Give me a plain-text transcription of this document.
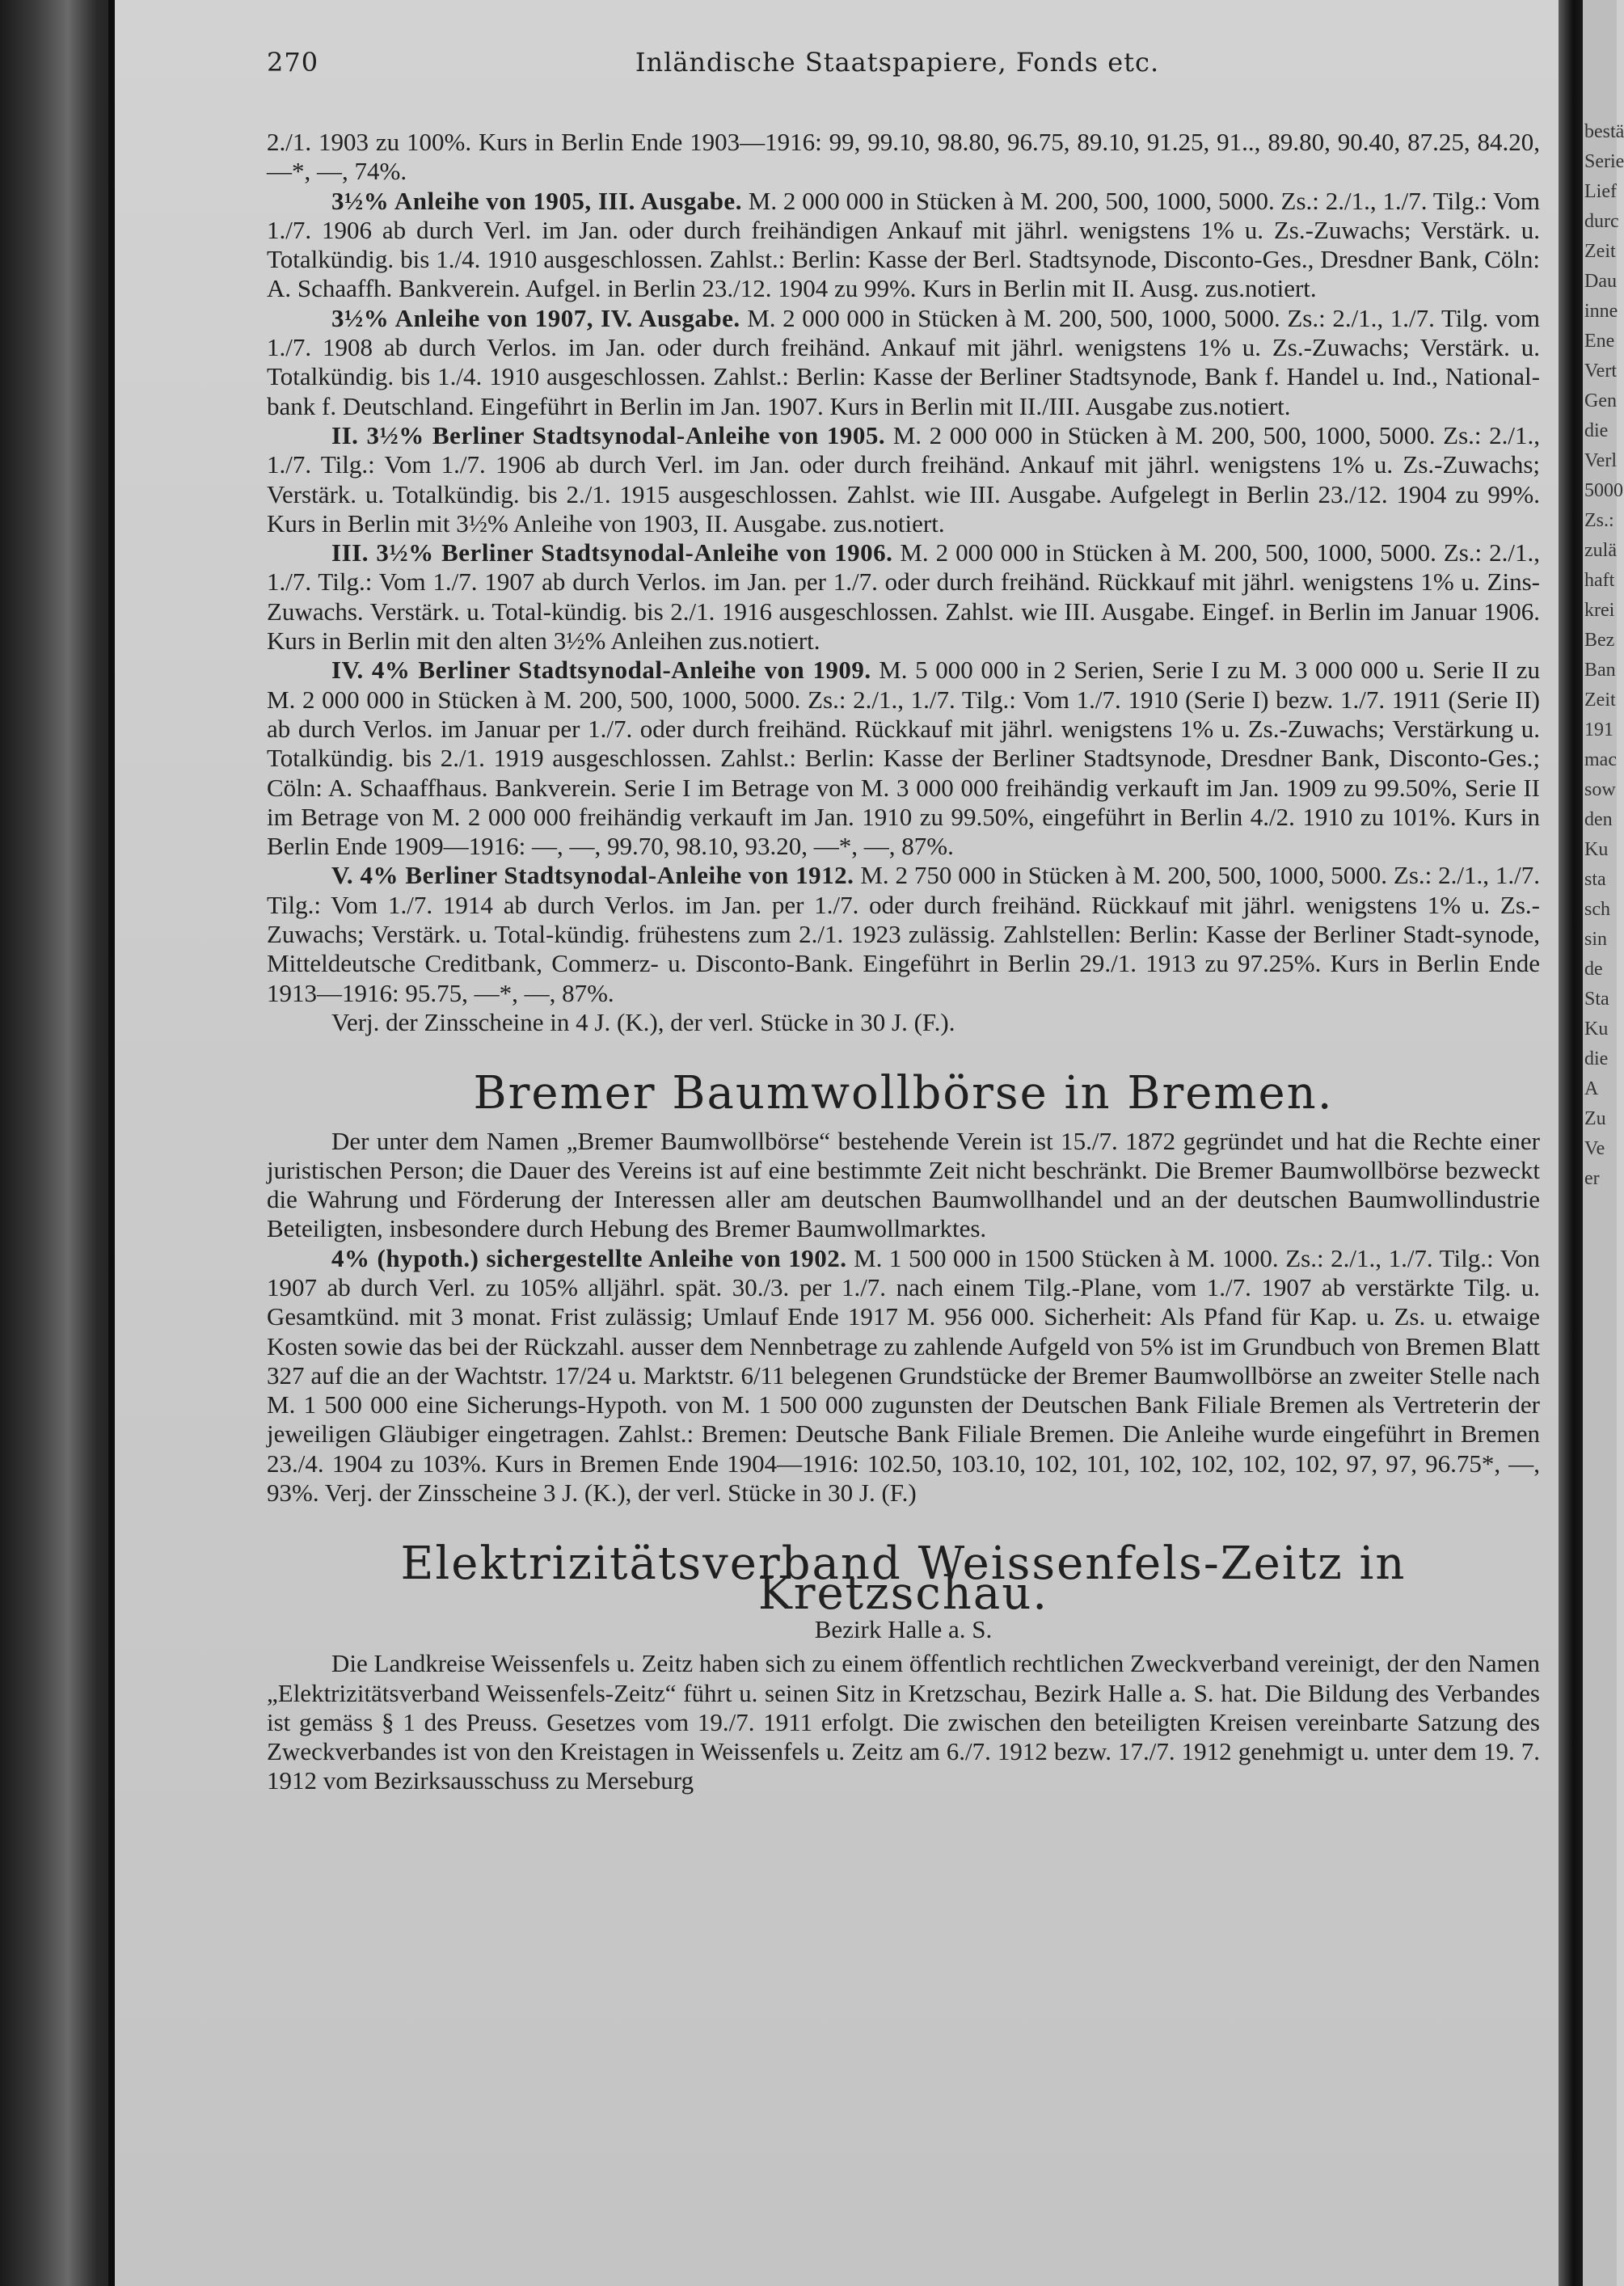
bestä
Serie
Lief
durc
Zeit
Dau
inne
Ene
Vert
Gen
die
Verl
5000
Zs.:
zulä
haft
krei
Bez
Ban
Zeit
191
mac
sow
den
Ku
sta
sch
sin
de
Sta
Ku
die
A
Zu
Ve
er
270	Inländische Staatspapiere, Fonds etc.

2./1. 1903 zu 100%. Kurs in Berlin Ende 1903—1916: 99, 99.10, 98.80, 96.75, 89.10, 91.25, 91.., 89.80, 90.40, 87.25, 84.20, —*, —, 74%.

3½% Anleihe von 1905, III. Ausgabe. M. 2 000 000 in Stücken à M. 200, 500, 1000, 5000. Zs.: 2./1., 1./7. Tilg.: Vom 1./7. 1906 ab durch Verl. im Jan. oder durch freihändigen Ankauf mit jährl. wenigstens 1% u. Zs.-Zuwachs; Verstärk. u. Totalkündig. bis 1./4. 1910 ausgeschlossen. Zahlst.: Berlin: Kasse der Berl. Stadtsynode, Disconto-Ges., Dresdner Bank, Cöln: A. Schaaffh. Bankverein. Aufgel. in Berlin 23./12. 1904 zu 99%. Kurs in Berlin mit II. Ausg. zus.notiert.

3½% Anleihe von 1907, IV. Ausgabe. M. 2 000 000 in Stücken à M. 200, 500, 1000, 5000. Zs.: 2./1., 1./7. Tilg. vom 1./7. 1908 ab durch Verlos. im Jan. oder durch freihänd. Ankauf mit jährl. wenigstens 1% u. Zs.-Zuwachs; Verstärk. u. Totalkündig. bis 1./4. 1910 ausgeschlossen. Zahlst.: Berlin: Kasse der Berliner Stadtsynode, Bank f. Handel u. Ind., National-bank f. Deutschland. Eingeführt in Berlin im Jan. 1907. Kurs in Berlin mit II./III. Ausgabe zus.notiert.

II. 3½% Berliner Stadtsynodal-Anleihe von 1905. M. 2 000 000 in Stücken à M. 200, 500, 1000, 5000. Zs.: 2./1., 1./7. Tilg.: Vom 1./7. 1906 ab durch Verl. im Jan. oder durch freihänd. Ankauf mit jährl. wenigstens 1% u. Zs.-Zuwachs; Verstärk. u. Totalkündig. bis 2./1. 1915 ausgeschlossen. Zahlst. wie III. Ausgabe. Aufgelegt in Berlin 23./12. 1904 zu 99%. Kurs in Berlin mit 3½% Anleihe von 1903, II. Ausgabe. zus.notiert.

III. 3½% Berliner Stadtsynodal-Anleihe von 1906. M. 2 000 000 in Stücken à M. 200, 500, 1000, 5000. Zs.: 2./1., 1./7. Tilg.: Vom 1./7. 1907 ab durch Verlos. im Jan. per 1./7. oder durch freihänd. Rückkauf mit jährl. wenigstens 1% u. Zins-Zuwachs. Verstärk. u. Total-kündig. bis 2./1. 1916 ausgeschlossen. Zahlst. wie III. Ausgabe. Eingef. in Berlin im Januar 1906. Kurs in Berlin mit den alten 3½% Anleihen zus.notiert.

IV. 4% Berliner Stadtsynodal-Anleihe von 1909. M. 5 000 000 in 2 Serien, Serie I zu M. 3 000 000 u. Serie II zu M. 2 000 000 in Stücken à M. 200, 500, 1000, 5000. Zs.: 2./1., 1./7. Tilg.: Vom 1./7. 1910 (Serie I) bezw. 1./7. 1911 (Serie II) ab durch Verlos. im Januar per 1./7. oder durch freihänd. Rückkauf mit jährl. wenigstens 1% u. Zs.-Zuwachs; Verstärkung u. Totalkündig. bis 2./1. 1919 ausgeschlossen. Zahlst.: Berlin: Kasse der Berliner Stadtsynode, Dresdner Bank, Disconto-Ges.; Cöln: A. Schaaffhaus. Bankverein. Serie I im Betrage von M. 3 000 000 freihändig verkauft im Jan. 1909 zu 99.50%, Serie II im Betrage von M. 2 000 000 freihändig verkauft im Jan. 1910 zu 99.50%, eingeführt in Berlin 4./2. 1910 zu 101%. Kurs in Berlin Ende 1909—1916: —, —, 99.70, 98.10, 93.20, —*, —, 87%.

V. 4% Berliner Stadtsynodal-Anleihe von 1912. M. 2 750 000 in Stücken à M. 200, 500, 1000, 5000. Zs.: 2./1., 1./7. Tilg.: Vom 1./7. 1914 ab durch Verlos. im Jan. per 1./7. oder durch freihänd. Rückkauf mit jährl. wenigstens 1% u. Zs.-Zuwachs; Verstärk. u. Total-kündig. frühestens zum 2./1. 1923 zulässig. Zahlstellen: Berlin: Kasse der Berliner Stadt-synode, Mitteldeutsche Creditbank, Commerz- u. Disconto-Bank. Eingeführt in Berlin 29./1. 1913 zu 97.25%. Kurs in Berlin Ende 1913—1916: 95.75, —*, —, 87%.

Verj. der Zinsscheine in 4 J. (K.), der verl. Stücke in 30 J. (F.).

Bremer Baumwollbörse in Bremen.

Der unter dem Namen „Bremer Baumwollbörse“ bestehende Verein ist 15./7. 1872 gegründet und hat die Rechte einer juristischen Person; die Dauer des Vereins ist auf eine bestimmte Zeit nicht beschränkt. Die Bremer Baumwollbörse bezweckt die Wahrung und Förderung der Interessen aller am deutschen Baumwollhandel und an der deutschen Baumwollindustrie Beteiligten, insbesondere durch Hebung des Bremer Baumwollmarktes.

4% (hypoth.) sichergestellte Anleihe von 1902. M. 1 500 000 in 1500 Stücken à M. 1000. Zs.: 2./1., 1./7. Tilg.: Von 1907 ab durch Verl. zu 105% alljährl. spät. 30./3. per 1./7. nach einem Tilg.-Plane, vom 1./7. 1907 ab verstärkte Tilg. u. Gesamtkünd. mit 3 monat. Frist zulässig; Umlauf Ende 1917 M. 956 000. Sicherheit: Als Pfand für Kap. u. Zs. u. etwaige Kosten sowie das bei der Rückzahl. ausser dem Nennbetrage zu zahlende Aufgeld von 5% ist im Grundbuch von Bremen Blatt 327 auf die an der Wachtstr. 17/24 u. Marktstr. 6/11 belegenen Grundstücke der Bremer Baumwollbörse an zweiter Stelle nach M. 1 500 000 eine Sicherungs-Hypoth. von M. 1 500 000 zugunsten der Deutschen Bank Filiale Bremen als Vertreterin der jeweiligen Gläubiger eingetragen. Zahlst.: Bremen: Deutsche Bank Filiale Bremen. Die Anleihe wurde eingeführt in Bremen 23./4. 1904 zu 103%. Kurs in Bremen Ende 1904—1916: 102.50, 103.10, 102, 101, 102, 102, 102, 102, 97, 97, 96.75*, —, 93%. Verj. der Zinsscheine 3 J. (K.), der verl. Stücke in 30 J. (F.)

Elektrizitätsverband Weissenfels-Zeitz in Kretzschau.
Bezirk Halle a. S.

Die Landkreise Weissenfels u. Zeitz haben sich zu einem öffentlich rechtlichen Zweckverband vereinigt, der den Namen „Elektrizitätsverband Weissenfels-Zeitz“ führt u. seinen Sitz in Kretzschau, Bezirk Halle a. S. hat. Die Bildung des Verbandes ist gemäss § 1 des Preuss. Gesetzes vom 19./7. 1911 erfolgt. Die zwischen den beteiligten Kreisen vereinbarte Satzung des Zweckverbandes ist von den Kreistagen in Weissenfels u. Zeitz am 6./7. 1912 bezw. 17./7. 1912 genehmigt u. unter dem 19. 7. 1912 vom Bezirksausschuss zu Merseburg
